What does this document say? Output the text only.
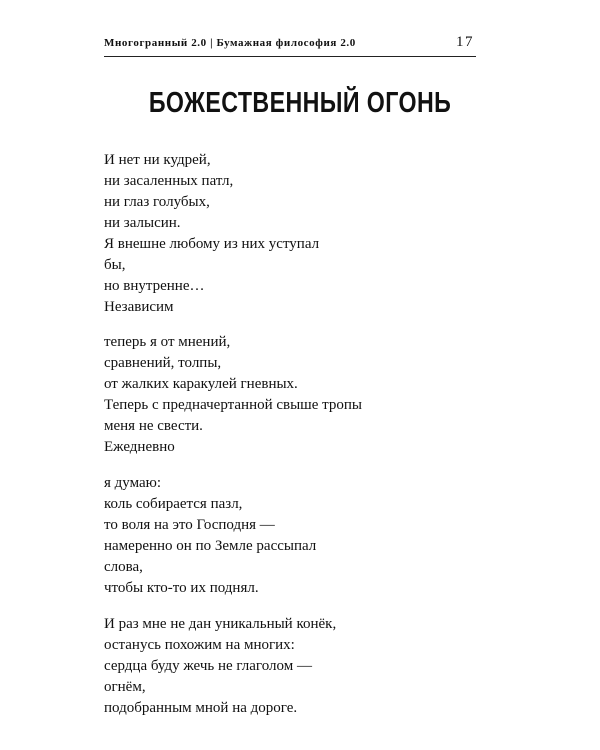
Многогранный 2.0 | Бумажная философия 2.0	17
БОЖЕСТВЕННЫЙ ОГОНЬ
И нет ни кудрей,
ни засаленных патл,
ни глаз голубых,
ни залысин.
Я внешне любому из них уступал
бы,
но внутренне…
Независим
теперь я от мнений,
сравнений, толпы,
от жалких каракулей гневных.
Теперь с предначертанной свыше тропы
меня не свести.
Ежедневно
я думаю:
коль собирается пазл,
то воля на это Господня —
намеренно он по Земле рассыпал
слова,
чтобы кто-то их поднял.
И раз мне не дан уникальный конёк,
останусь похожим на многих:
сердца буду жечь не глаголом —
огнём,
подобранным мной на дороге.
